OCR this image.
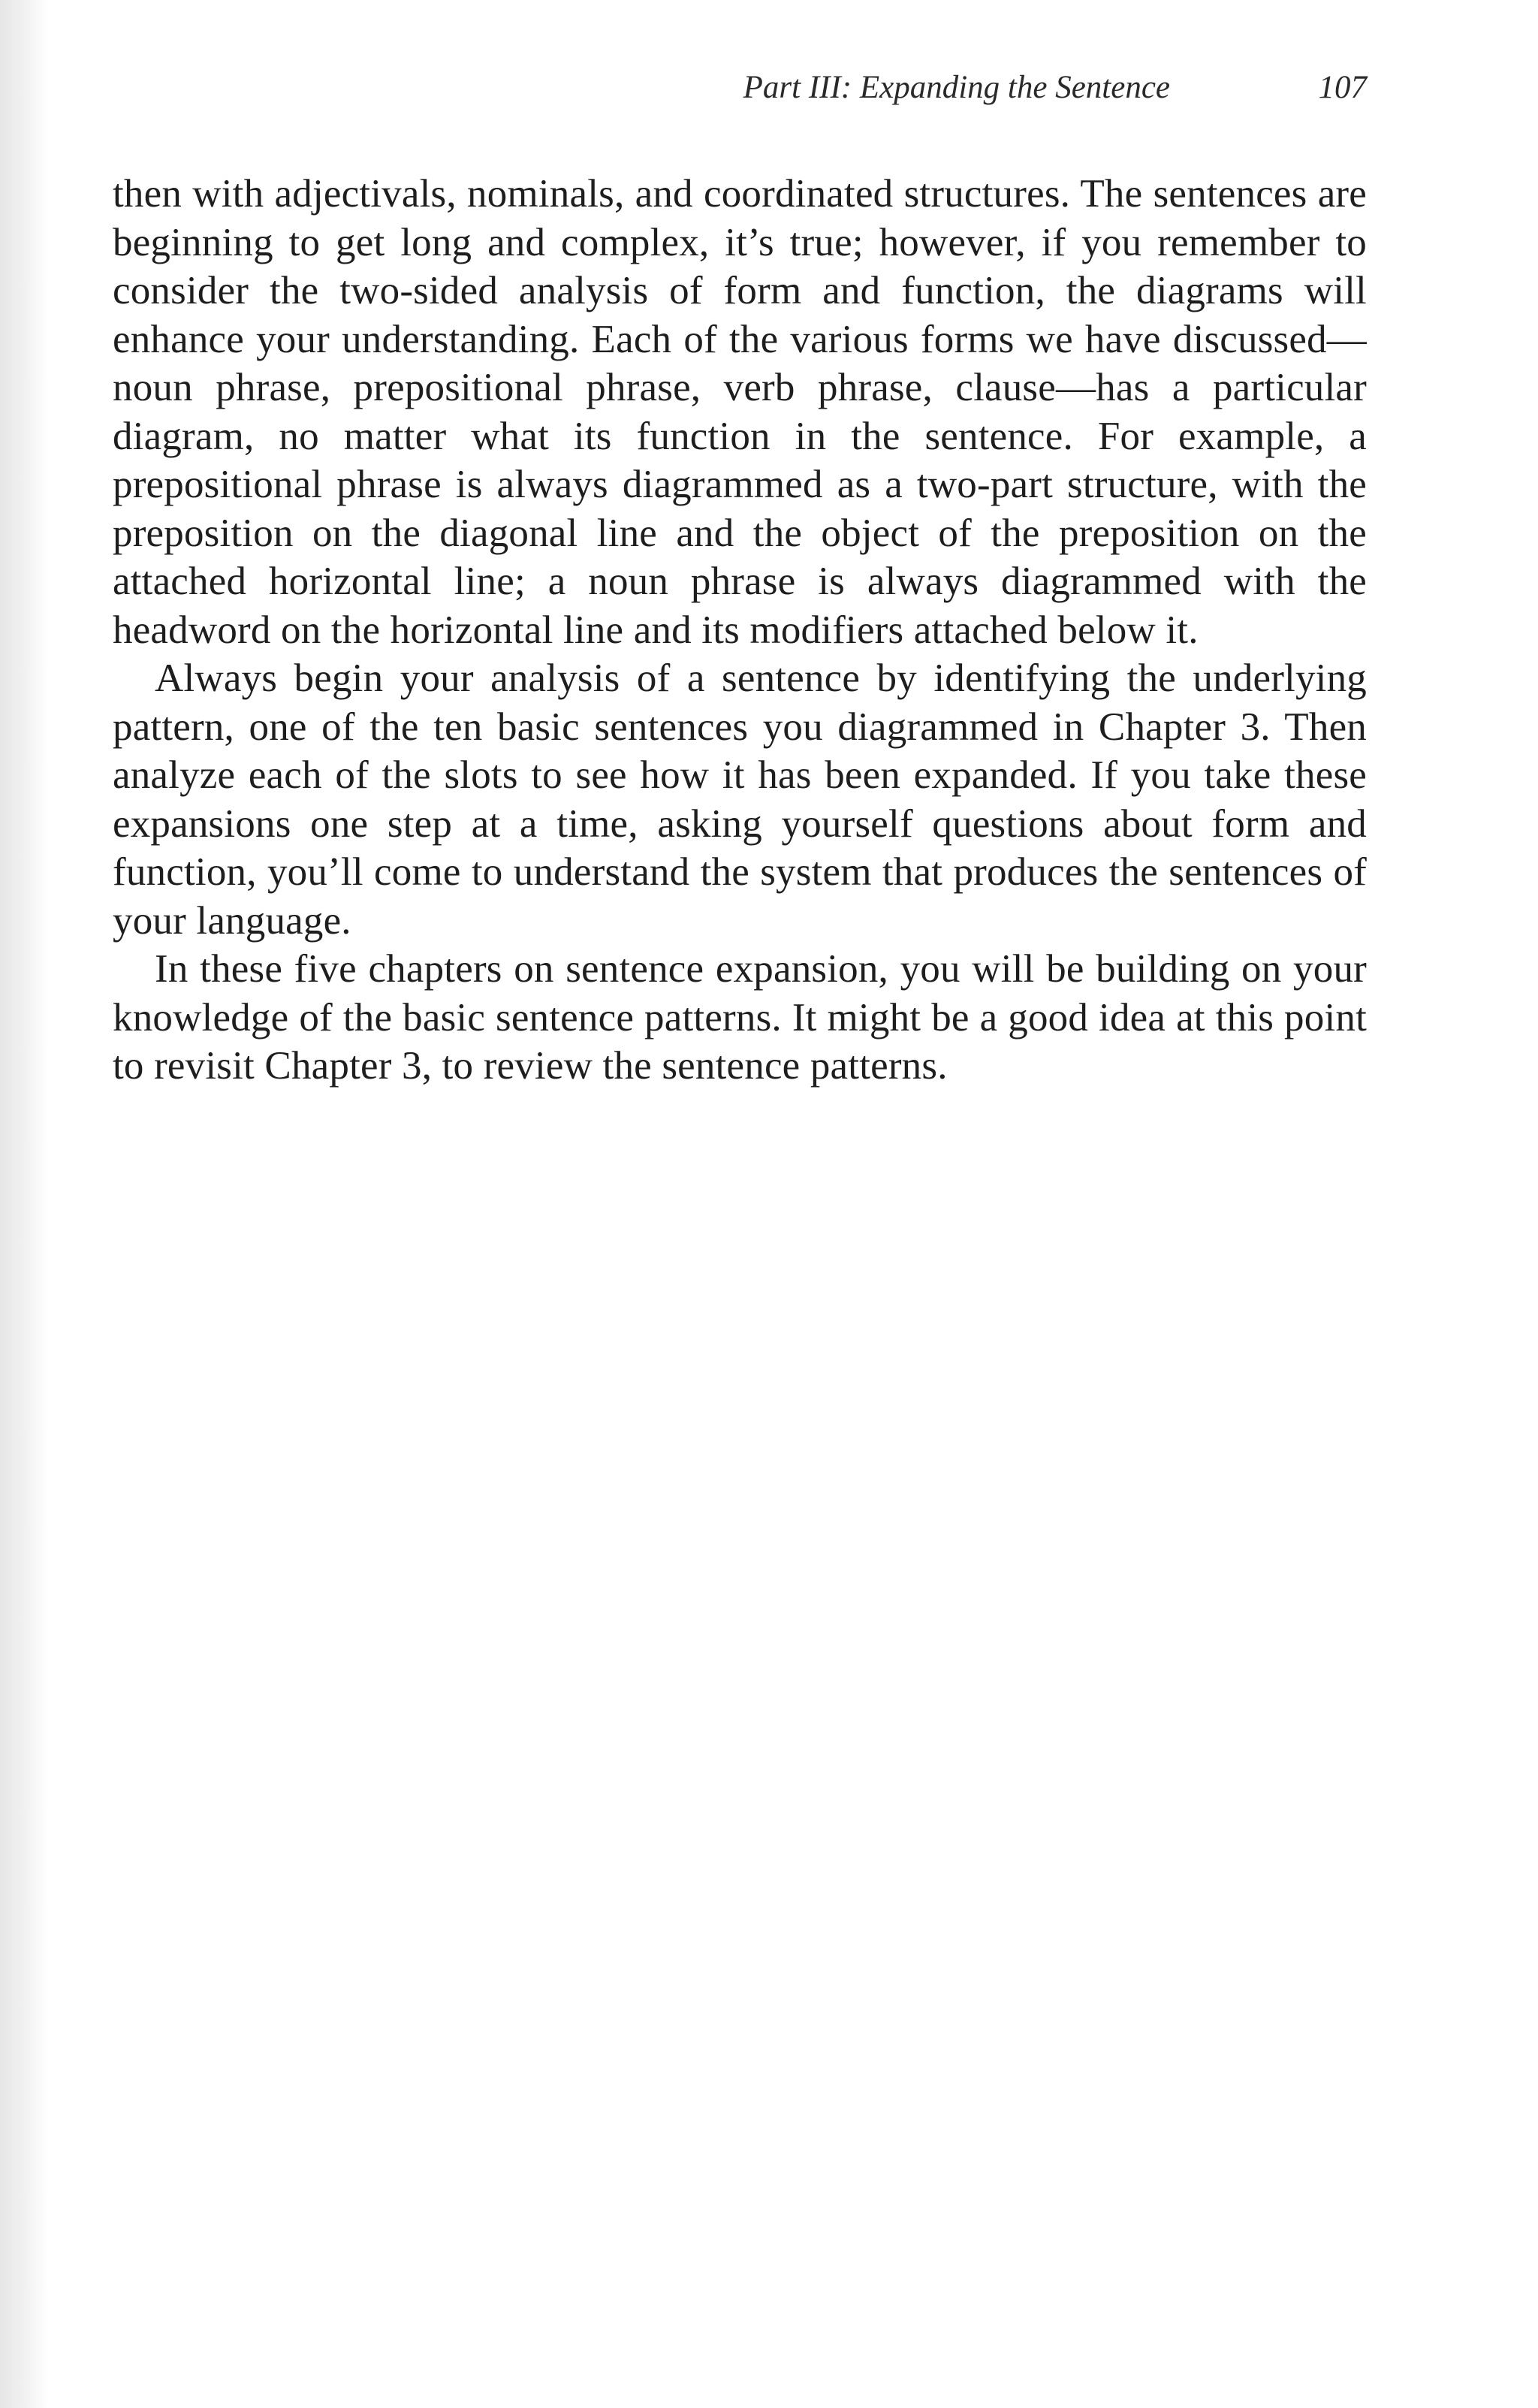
Part III: Expanding the Sentence	107

then with adjectivals, nominals, and coordinated structures. The sentences are beginning to get long and complex, it’s true; however, if you remember to consider the two-sided analysis of form and function, the diagrams will enhance your understanding. Each of the various forms we have discussed—noun phrase, prepositional phrase, verb phrase, clause—has a particular diagram, no matter what its function in the sentence. For example, a prepositional phrase is always diagrammed as a two-part structure, with the preposition on the diagonal line and the object of the preposition on the attached horizontal line; a noun phrase is always diagrammed with the headword on the horizontal line and its modifiers attached below it.

Always begin your analysis of a sentence by identifying the underlying pattern, one of the ten basic sentences you diagrammed in Chapter 3. Then analyze each of the slots to see how it has been expanded. If you take these expansions one step at a time, asking yourself questions about form and function, you’ll come to understand the system that produces the sentences of your language.

In these five chapters on sentence expansion, you will be building on your knowledge of the basic sentence patterns. It might be a good idea at this point to revisit Chapter 3, to review the sentence patterns.
